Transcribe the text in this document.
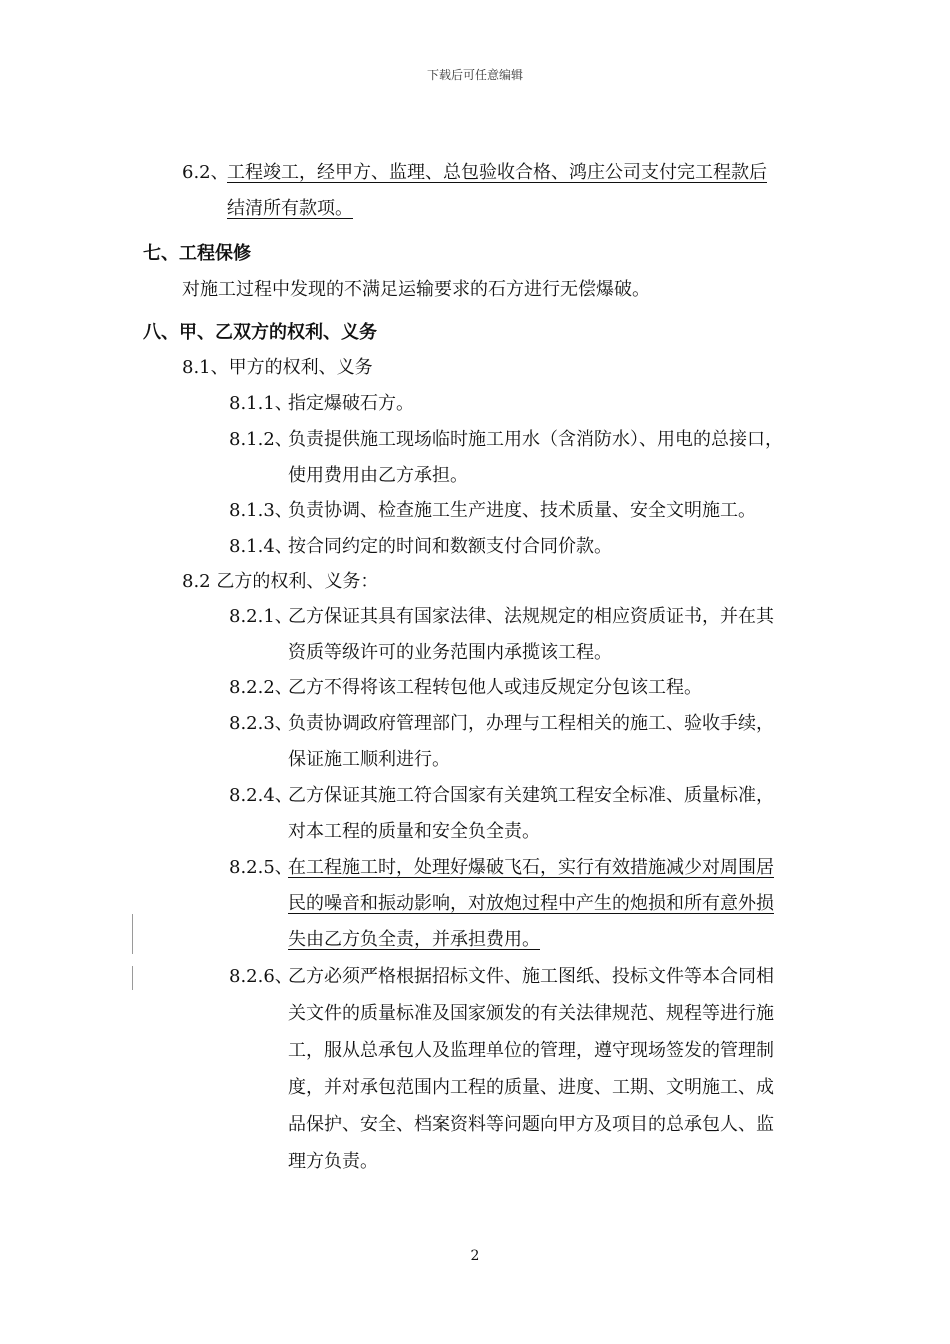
下载后可任意编辑
6.2、
工程竣工，经甲方、监理、总包验收合格、鸿庄公司支付完工程款后
结清所有款项。
七、工程保修
对施工过程中发现的不满足运输要求的石方进行无偿爆破。
八、甲、乙双方的权利、义务
8.1、甲方的权利、义务
8.1.1、
指定爆破石方。
8.1.2、
负责提供施工现场临时施工用水（含消防水）、用电的总接口，
使用费用由乙方承担。
8.1.3、
负责协调、检查施工生产进度、技术质量、安全文明施工。
8.1.4、
按合同约定的时间和数额支付合同价款。
8.2 乙方的权利、义务：
8.2.1、
乙方保证其具有国家法律、法规规定的相应资质证书，并在其
资质等级许可的业务范围内承揽该工程。
8.2.2、
乙方不得将该工程转包他人或违反规定分包该工程。
8.2.3、
负责协调政府管理部门，办理与工程相关的施工、验收手续，
保证施工顺利进行。
8.2.4、
乙方保证其施工符合国家有关建筑工程安全标准、质量标准，
对本工程的质量和安全负全责。
8.2.5、
在工程施工时，处理好爆破飞石，实行有效措施减少对周围居
民的噪音和振动影响，对放炮过程中产生的炮损和所有意外损
失由乙方负全责，并承担费用。
8.2.6、
乙方必须严格根据招标文件、施工图纸、投标文件等本合同相
关文件的质量标准及国家颁发的有关法律规范、规程等进行施
工，服从总承包人及监理单位的管理，遵守现场签发的管理制
度，并对承包范围内工程的质量、进度、工期、文明施工、成
品保护、安全、档案资料等问题向甲方及项目的总承包人、监
理方负责。
2
